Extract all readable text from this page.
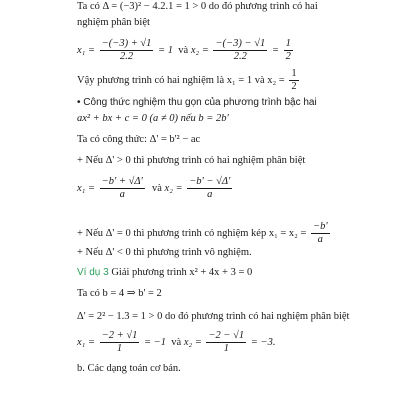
Ta có Δ = (−3)² − 4.2.1 = 1 > 0 do đó phương trình có hai
nghiệm phân biệt
$x_1 = \frac{-(-3) + √1}{2.2} = 1$ và $x_2 = \frac{-(-3) - √1}{2.2} = \frac{1}{2}$
Vậy phương trình có hai nghiệm là x₁ = 1 và $x_2 = \frac{1}{2}$
• Công thức nghiệm thu gọn của phương trình bậc hai
ax² + bx + c = 0 (a ≠ 0) nếu b = 2b'
Ta có công thức: Δ' = b'² − ac
+ Nếu Δ' > 0 thì phương trình có hai nghiệm phân biệt
$x_1 = \frac{-b' + √\Delta'}{a}$ và $x_2 = \frac{-b' - √\Delta'}{a}$
+ Nếu Δ' = 0 thì phương trình có nghiệm kép $x_1 = x_2 = \frac{-b'}{a}$
+ Nếu Δ' < 0 thì phương trình vô nghiệm.
Ví dụ 3 Giải phương trình x² + 4x + 3 = 0
Ta có b = 4 ⇒ b' = 2
Δ' = 2² − 1.3 = 1 > 0 do đó phương trình có hai nghiệm phân biệt
$x_1 = \frac{-2 + √1}{1} = -1$ và $x_2 = \frac{-2 - √1}{1} = -3$.
b. Các dạng toán cơ bản.
